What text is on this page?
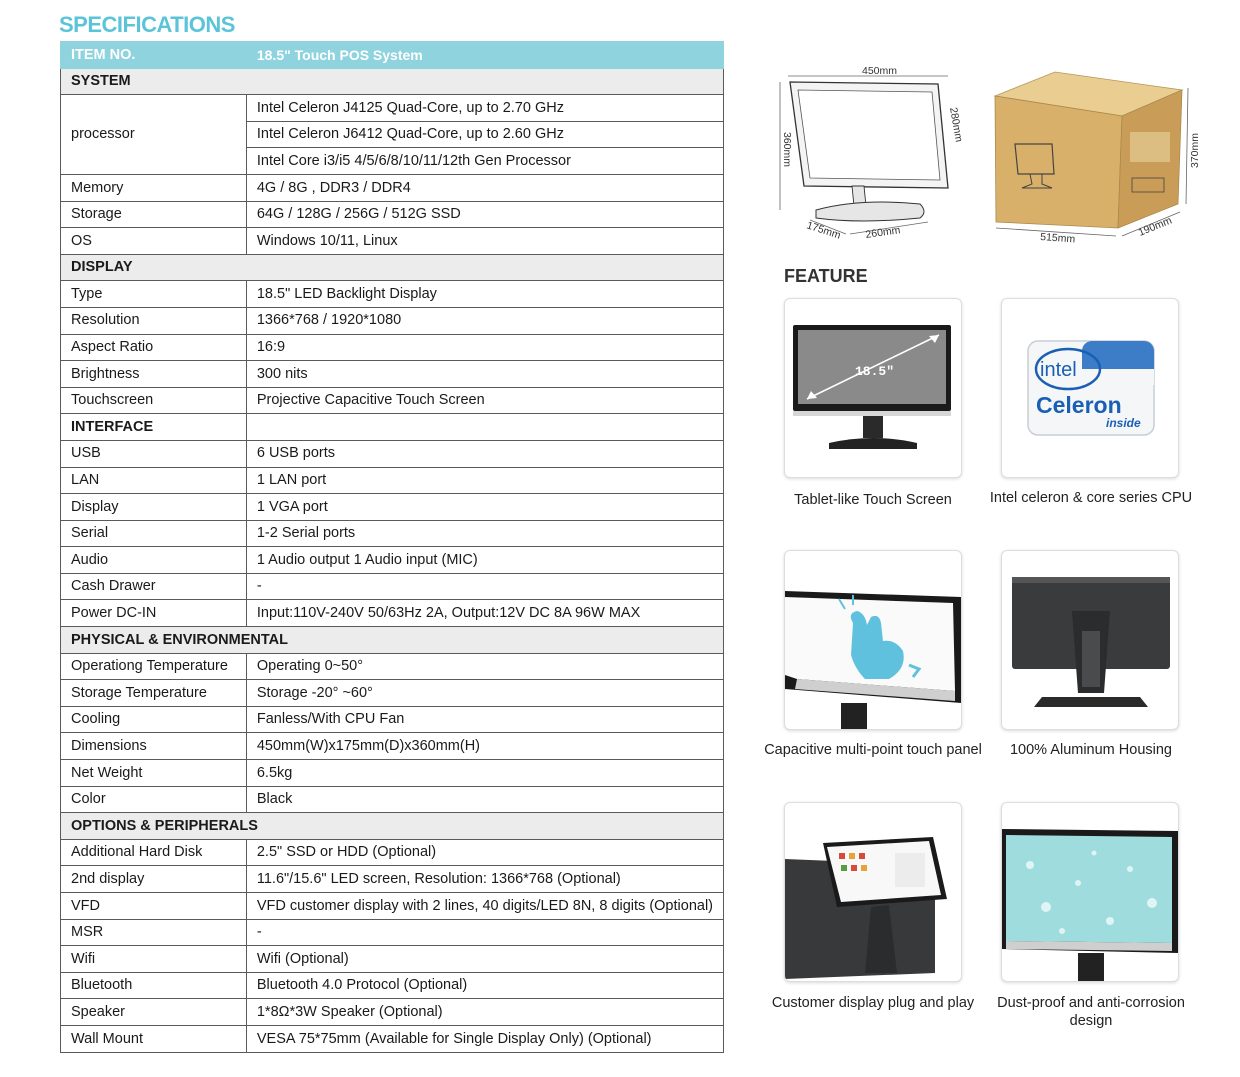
SPECIFICATIONS
ITEM NO.	18.5" Touch POS System
SYSTEM	
processor	Intel Celeron J4125 Quad-Core, up to 2.70 GHz
	Intel Celeron J6412 Quad-Core, up to 2.60 GHz
	Intel Core i3/i5 4/5/6/8/10/11/12th Gen Processor
Memory	4G / 8G , DDR3 / DDR4
Storage	64G / 128G / 256G / 512G SSD
OS	Windows 10/11, Linux
DISPLAY	
Type	18.5" LED Backlight Display
Resolution	1366*768 / 1920*1080
Aspect Ratio	16:9
Brightness	300 nits
Touchscreen	Projective Capacitive Touch Screen
INTERFACE	
USB	6 USB ports
LAN	1 LAN port
Display	1 VGA port
Serial	1-2 Serial ports
Audio	1 Audio output 1 Audio input (MIC)
Cash Drawer	-
Power DC-IN	Input:110V-240V 50/63Hz 2A, Output:12V DC 8A 96W MAX
PHYSICAL & ENVIRONMENTAL	
Operationg Temperature	Operating 0~50°
Storage Temperature	Storage -20° ~60°
Cooling	Fanless/With CPU Fan
Dimensions	450mm(W)x175mm(D)x360mm(H)
Net Weight	6.5kg
Color	Black
OPTIONS & PERIPHERALS	
Additional Hard Disk	2.5" SSD or HDD (Optional)
2nd display	11.6"/15.6" LED screen, Resolution: 1366*768 (Optional)
VFD	VFD customer display with 2 lines, 40 digits/LED 8N, 8 digits (Optional)
MSR	-
Wifi	Wifi (Optional)
Bluetooth	Bluetooth 4.0 Protocol (Optional)
Speaker	1*8Ω*3W Speaker (Optional)
Wall Mount	VESA 75*75mm (Available for Single Display Only) (Optional)
450mm
360mm
280mm
175mm 260mm	515mm	190mm
370mm
FEATURE
18.5"
Tablet-like Touch Screen
intel
Celeron
inside
Intel celeron & core series CPU
Capacitive multi-point touch panel	100% Aluminum Housing
Customer display plug and play	Dust-proof and anti-corrosion design
